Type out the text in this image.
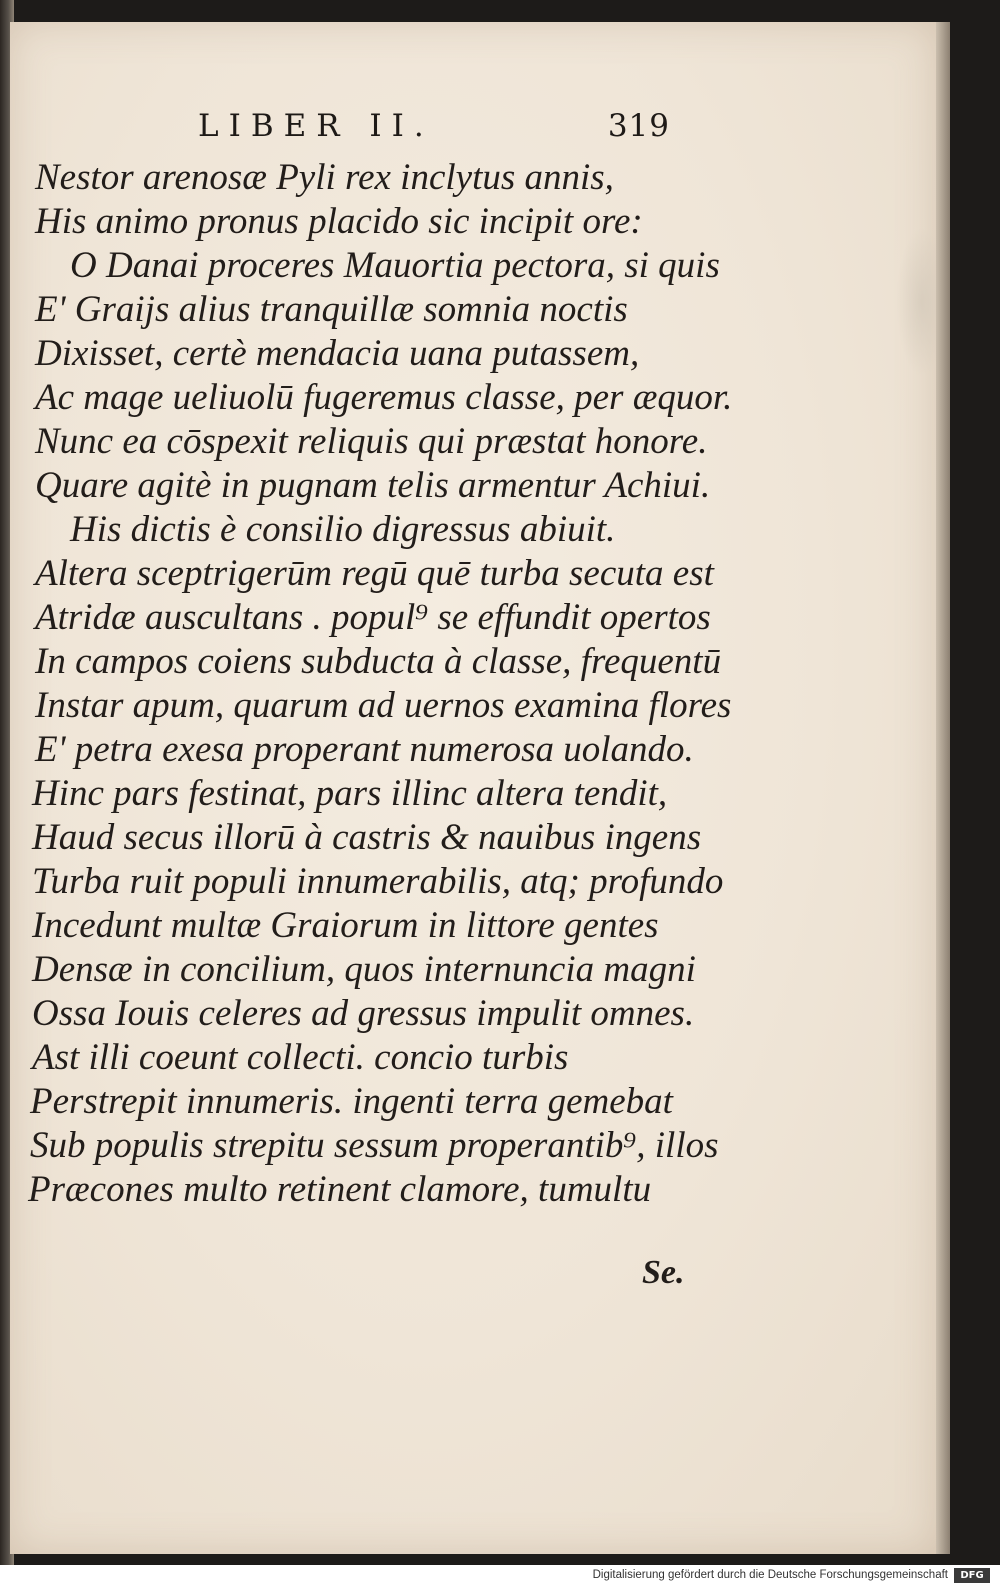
LIBER II.	319
Nestor arenosæ Pyli rex inclytus annis,
His animo pronus placido sic incipit ore:
O Danai proceres Mauortia pectora, si quis
E' Graijs alius tranquillæ somnia noctis
Dixisset, certè mendacia uana putassem,
Ac mage ueliuolū fugeremus classe, per æquor.
Nunc ea cōspexit reliquis qui præstat honore.
Quare agitè in pugnam telis armentur Achiui.
His dictis è consilio digressus abiuit.
Altera sceptrigerūm regū quē turba secuta est
Atridæ auscultans . popul⁹ se effundit opertos
In campos coiens subducta à classe, frequentū
Instar apum, quarum ad uernos examina flores
E' petra exesa properant numerosa uolando.
Hinc pars festinat, pars illinc altera tendit,
Haud secus illorū à castris & nauibus ingens
Turba ruit populi innumerabilis, atq; profundo
Incedunt multæ Graiorum in littore gentes
Densæ in concilium, quos internuncia magni
Ossa Iouis celeres ad gressus impulit omnes.
Ast illi coeunt collecti. concio turbis
Perstrepit innumeris. ingenti terra gemebat
Sub populis strepitu sessum properantib⁹, illos
Præcones multo retinent clamore, tumultu
Se.
Digitalisierung gefördert durch die Deutsche Forschungsgemeinschaft	DFG
